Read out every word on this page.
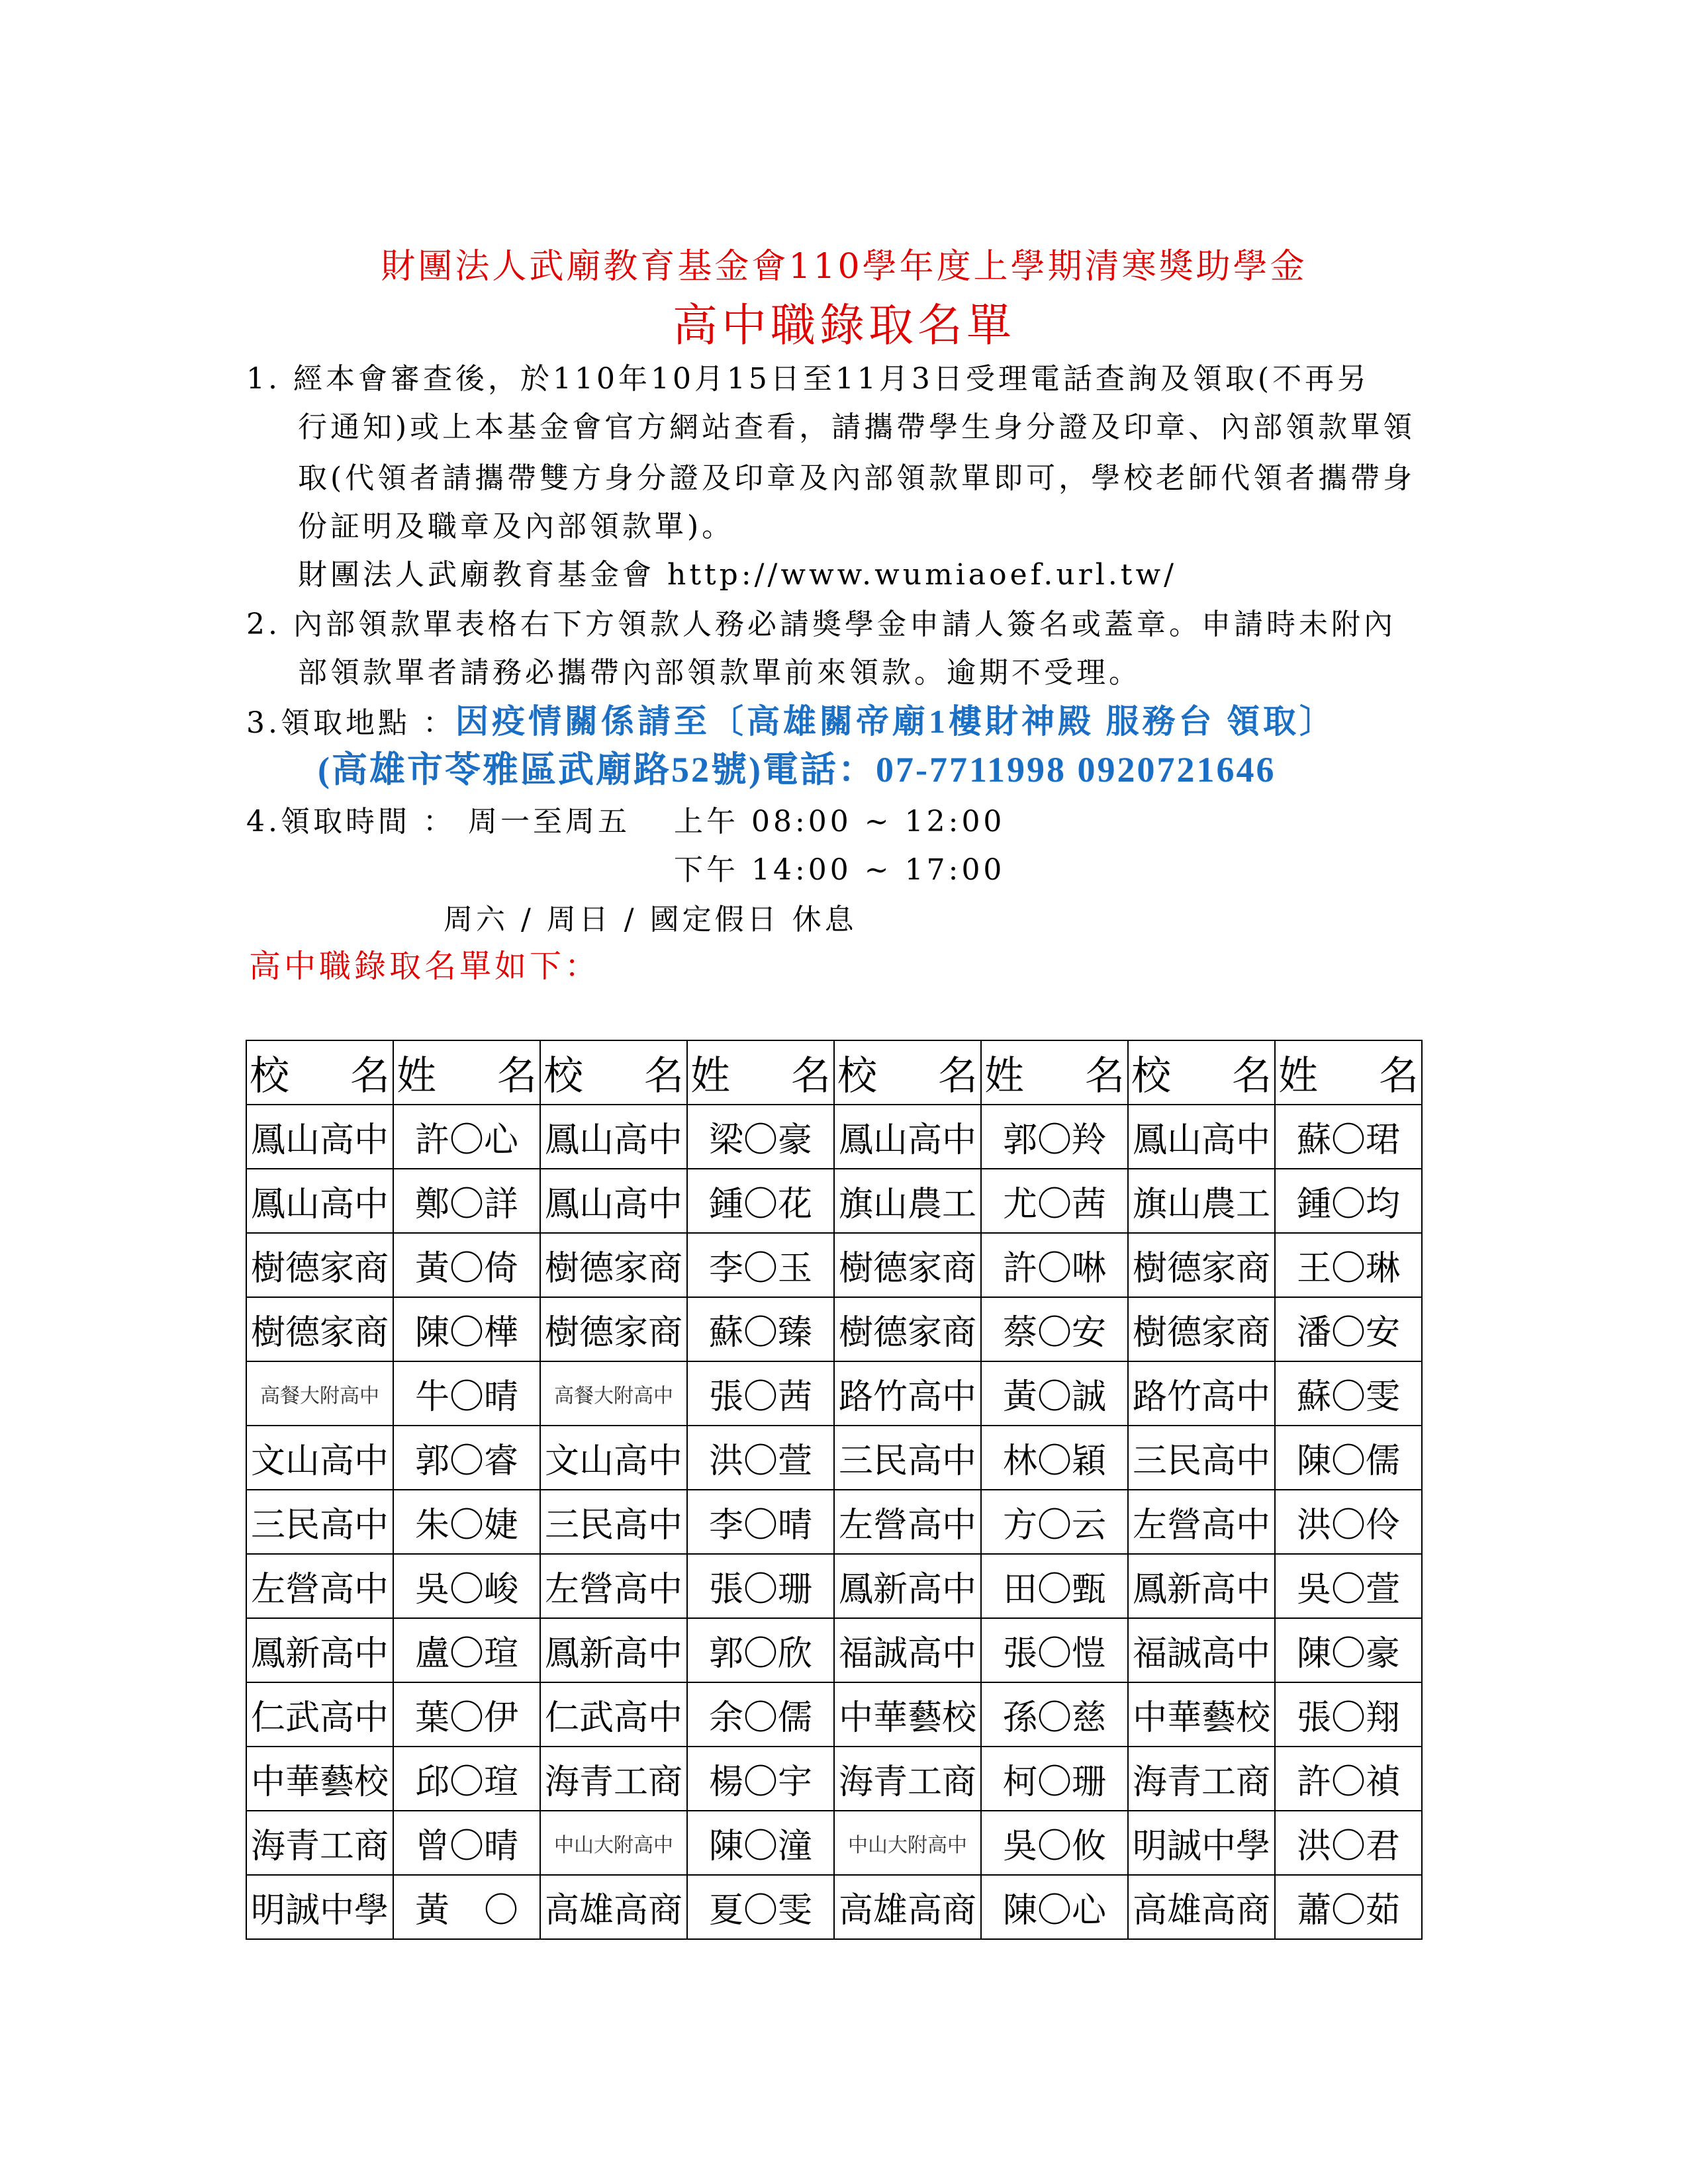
財團法人武廟教育基金會110學年度上學期清寒獎助學金
高中職錄取名單
1. 經本會審查後，於110年10月15日至11月3日受理電話查詢及領取(不再另
行通知)或上本基金會官方網站查看，請攜帶學生身分證及印章、內部領款單領
取(代領者請攜帶雙方身分證及印章及內部領款單即可，學校老師代領者攜帶身
份証明及職章及內部領款單)。
財團法人武廟教育基金會 http://www.wumiaoef.url.tw/
2. 內部領款單表格右下方領款人務必請獎學金申請人簽名或蓋章。申請時未附內
部領款單者請務必攜帶內部領款單前來領款。逾期不受理。
3.領取地點 ：因疫情關係請至〔高雄關帝廟1樓財神殿 服務台 領取〕
(高雄市苓雅區武廟路52號)電話：07-7711998 0920721646
4.領取時間 ： 周一至周五 上午 08:00 ~ 12:00
下午 14:00 ~ 17:00
周六 / 周日 / 國定假日 休息
高中職錄取名單如下：
校　名	姓　名	校　名	姓　名	校　名	姓　名	校　名	姓　名
鳳山高中	許〇心	鳳山高中	梁〇豪	鳳山高中	郭〇羚	鳳山高中	蘇〇珺
鳳山高中	鄭〇詳	鳳山高中	鍾〇花	旗山農工	尤〇茜	旗山農工	鍾〇均
樹德家商	黃〇倚	樹德家商	李〇玉	樹德家商	許〇啉	樹德家商	王〇琳
樹德家商	陳〇樺	樹德家商	蘇〇臻	樹德家商	蔡〇安	樹德家商	潘〇安
高餐大附高中	牛〇晴	高餐大附高中	張〇茜	路竹高中	黃〇誠	路竹高中	蘇〇雯
文山高中	郭〇睿	文山高中	洪〇萱	三民高中	林〇穎	三民高中	陳〇儒
三民高中	朱〇婕	三民高中	李〇晴	左營高中	方〇云	左營高中	洪〇伶
左營高中	吳〇峻	左營高中	張〇珊	鳳新高中	田〇甄	鳳新高中	吳〇萱
鳳新高中	盧〇瑄	鳳新高中	郭〇欣	福誠高中	張〇愷	福誠高中	陳〇豪
仁武高中	葉〇伊	仁武高中	余〇儒	中華藝校	孫〇慈	中華藝校	張〇翔
中華藝校	邱〇瑄	海青工商	楊〇宇	海青工商	柯〇珊	海青工商	許〇禎
海青工商	曾〇晴	中山大附高中	陳〇潼	中山大附高中	吳〇攸	明誠中學	洪〇君
明誠中學	黃　〇	高雄高商	夏〇雯	高雄高商	陳〇心	高雄高商	蕭〇茹
